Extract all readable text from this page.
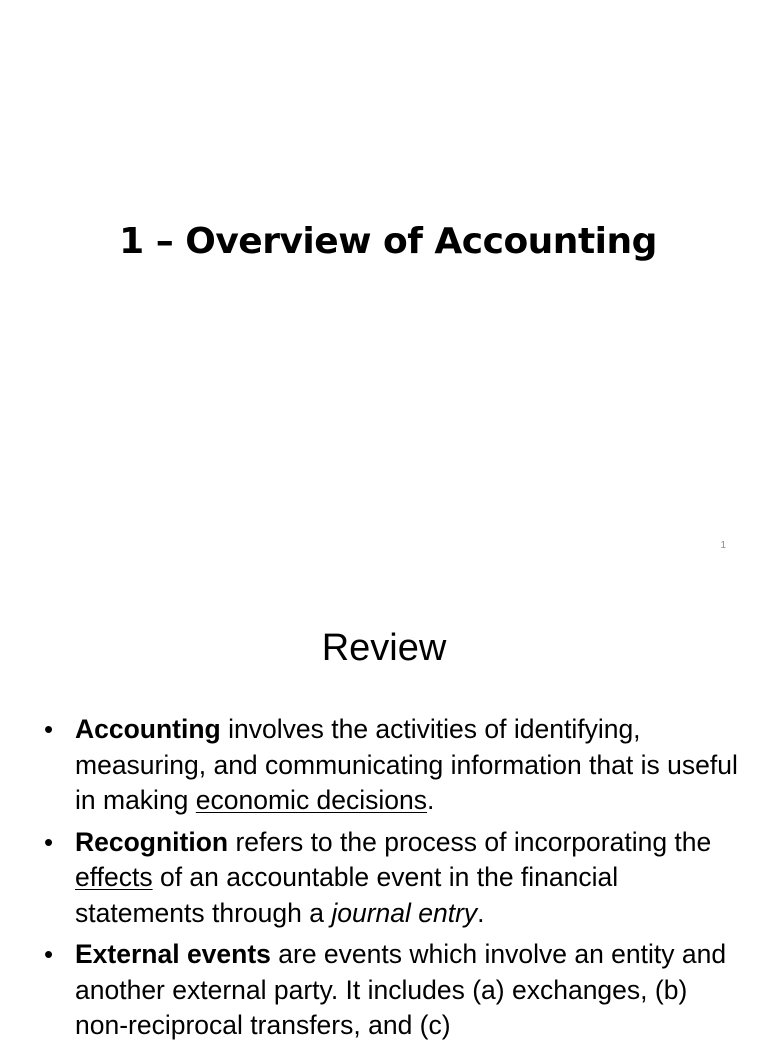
1 – Overview of Accounting
1
Review
• Accounting involves the activities of identifying, measuring, and communicating information that is useful in making economic decisions.
• Recognition refers to the process of incorporating the effects of an accountable event in the financial statements through a journal entry.
• External events are events which involve an entity and another external party. It includes (a) exchanges, (b) non-reciprocal transfers, and (c)
